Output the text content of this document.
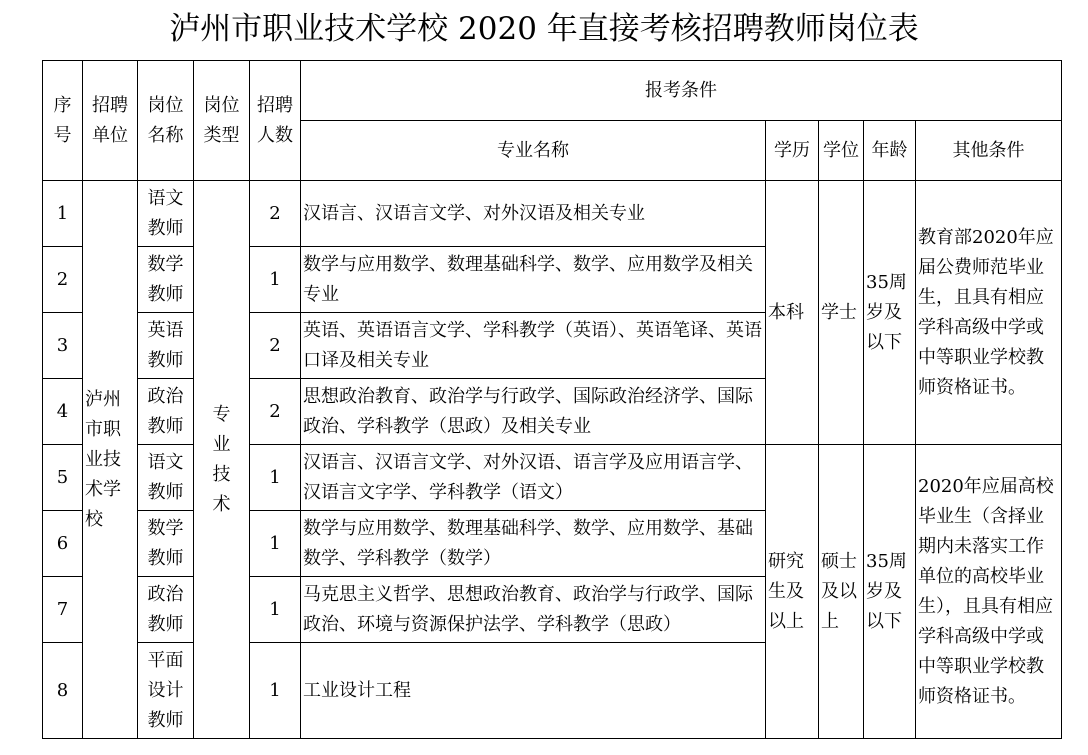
泸州市职业技术学校 2020 年直接考核招聘教师岗位表
序号	招聘单位	岗位名称	岗位类型	招聘人数	报考条件				
					专业名称	学历	学位	年龄	其他条件
1	泸州市职业技术学校	语文教师	专业技术	2	汉语言、汉语言文学、对外汉语及相关专业	本科	学士	35周岁及以下	教育部2020年应届公费师范毕业生，且具有相应学科高级中学或中等职业学校教师资格证书。
2		数学教师		1	数学与应用数学、数理基础科学、数学、应用数学及相关专业				
3		英语教师		2	英语、英语语言文学、学科教学（英语）、英语笔译、英语口译及相关专业				
4		政治教师		2	思想政治教育、政治学与行政学、国际政治经济学、国际政治、学科教学（思政）及相关专业				
5		语文教师		1	汉语言、汉语言文学、对外汉语、语言学及应用语言学、汉语言文字学、学科教学（语文）	研究生及以上	硕士及以上	35周岁及以下	2020年应届高校毕业生（含择业期内未落实工作单位的高校毕业生），且具有相应学科高级中学或中等职业学校教师资格证书。
6		数学教师		1	数学与应用数学、数理基础科学、数学、应用数学、基础数学、学科教学（数学）				
7		政治教师		1	马克思主义哲学、思想政治教育、政治学与行政学、国际政治、环境与资源保护法学、学科教学（思政）				
8		平面设计教师		1	工业设计工程				
